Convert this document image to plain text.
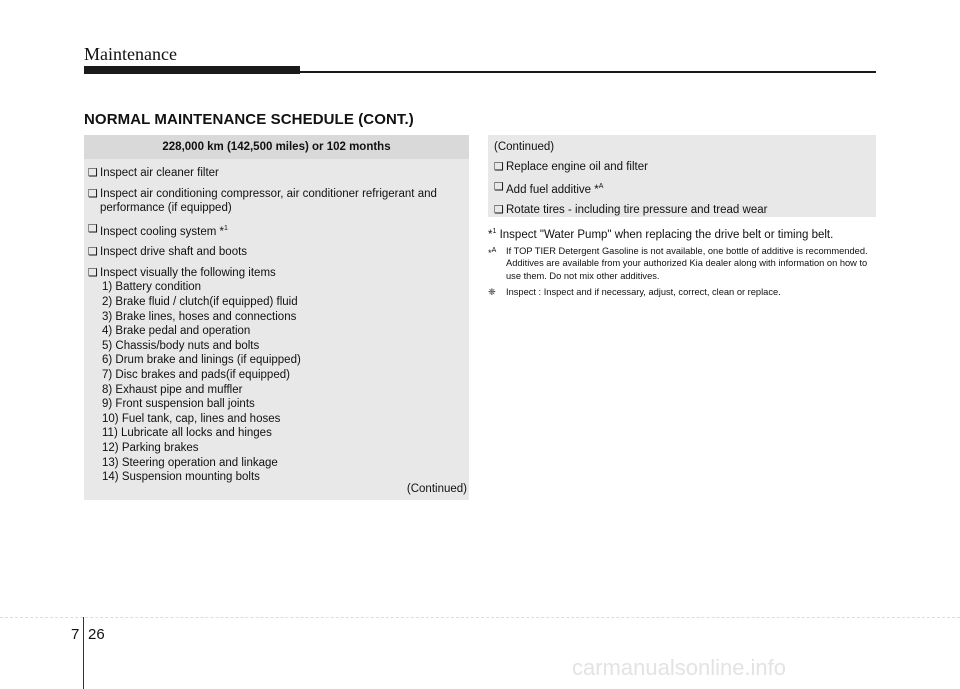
Maintenance
NORMAL MAINTENANCE SCHEDULE (CONT.)
228,000 km (142,500 miles) or 102 months
❑ Inspect air cleaner filter
❑ Inspect air conditioning compressor, air conditioner refrigerant and performance (if equipped)
❑ Inspect cooling system *$^1$
❑ Inspect drive shaft and boots
❑ Inspect visually the following items
1) Battery condition
2) Brake fluid / clutch(if equipped) fluid
3) Brake lines, hoses and connections
4) Brake pedal and operation
5) Chassis/body nuts and bolts
6) Drum brake and linings (if equipped)
7) Disc brakes and pads(if equipped)
8) Exhaust pipe and muffler
9) Front suspension ball joints
10) Fuel tank, cap, lines and hoses
11) Lubricate all locks and hinges
12) Parking brakes
13) Steering operation and linkage
14) Suspension mounting bolts
(Continued)
(Continued)
❑ Replace engine oil and filter
❑ Add fuel additive *$^A$
❑ Rotate tires - including tire pressure and tread wear
*$^1$ Inspect "Water Pump" when replacing the drive belt or timing belt.
*$^A$	If TOP TIER Detergent Gasoline is not available, one bottle of additive is recommended. Additives are available from your authorized Kia dealer along with information on how to use them. Do not mix other additives.
❈	Inspect : Inspect and if necessary, adjust, correct, clean or replace.
7 26
carmanualsonline.info
